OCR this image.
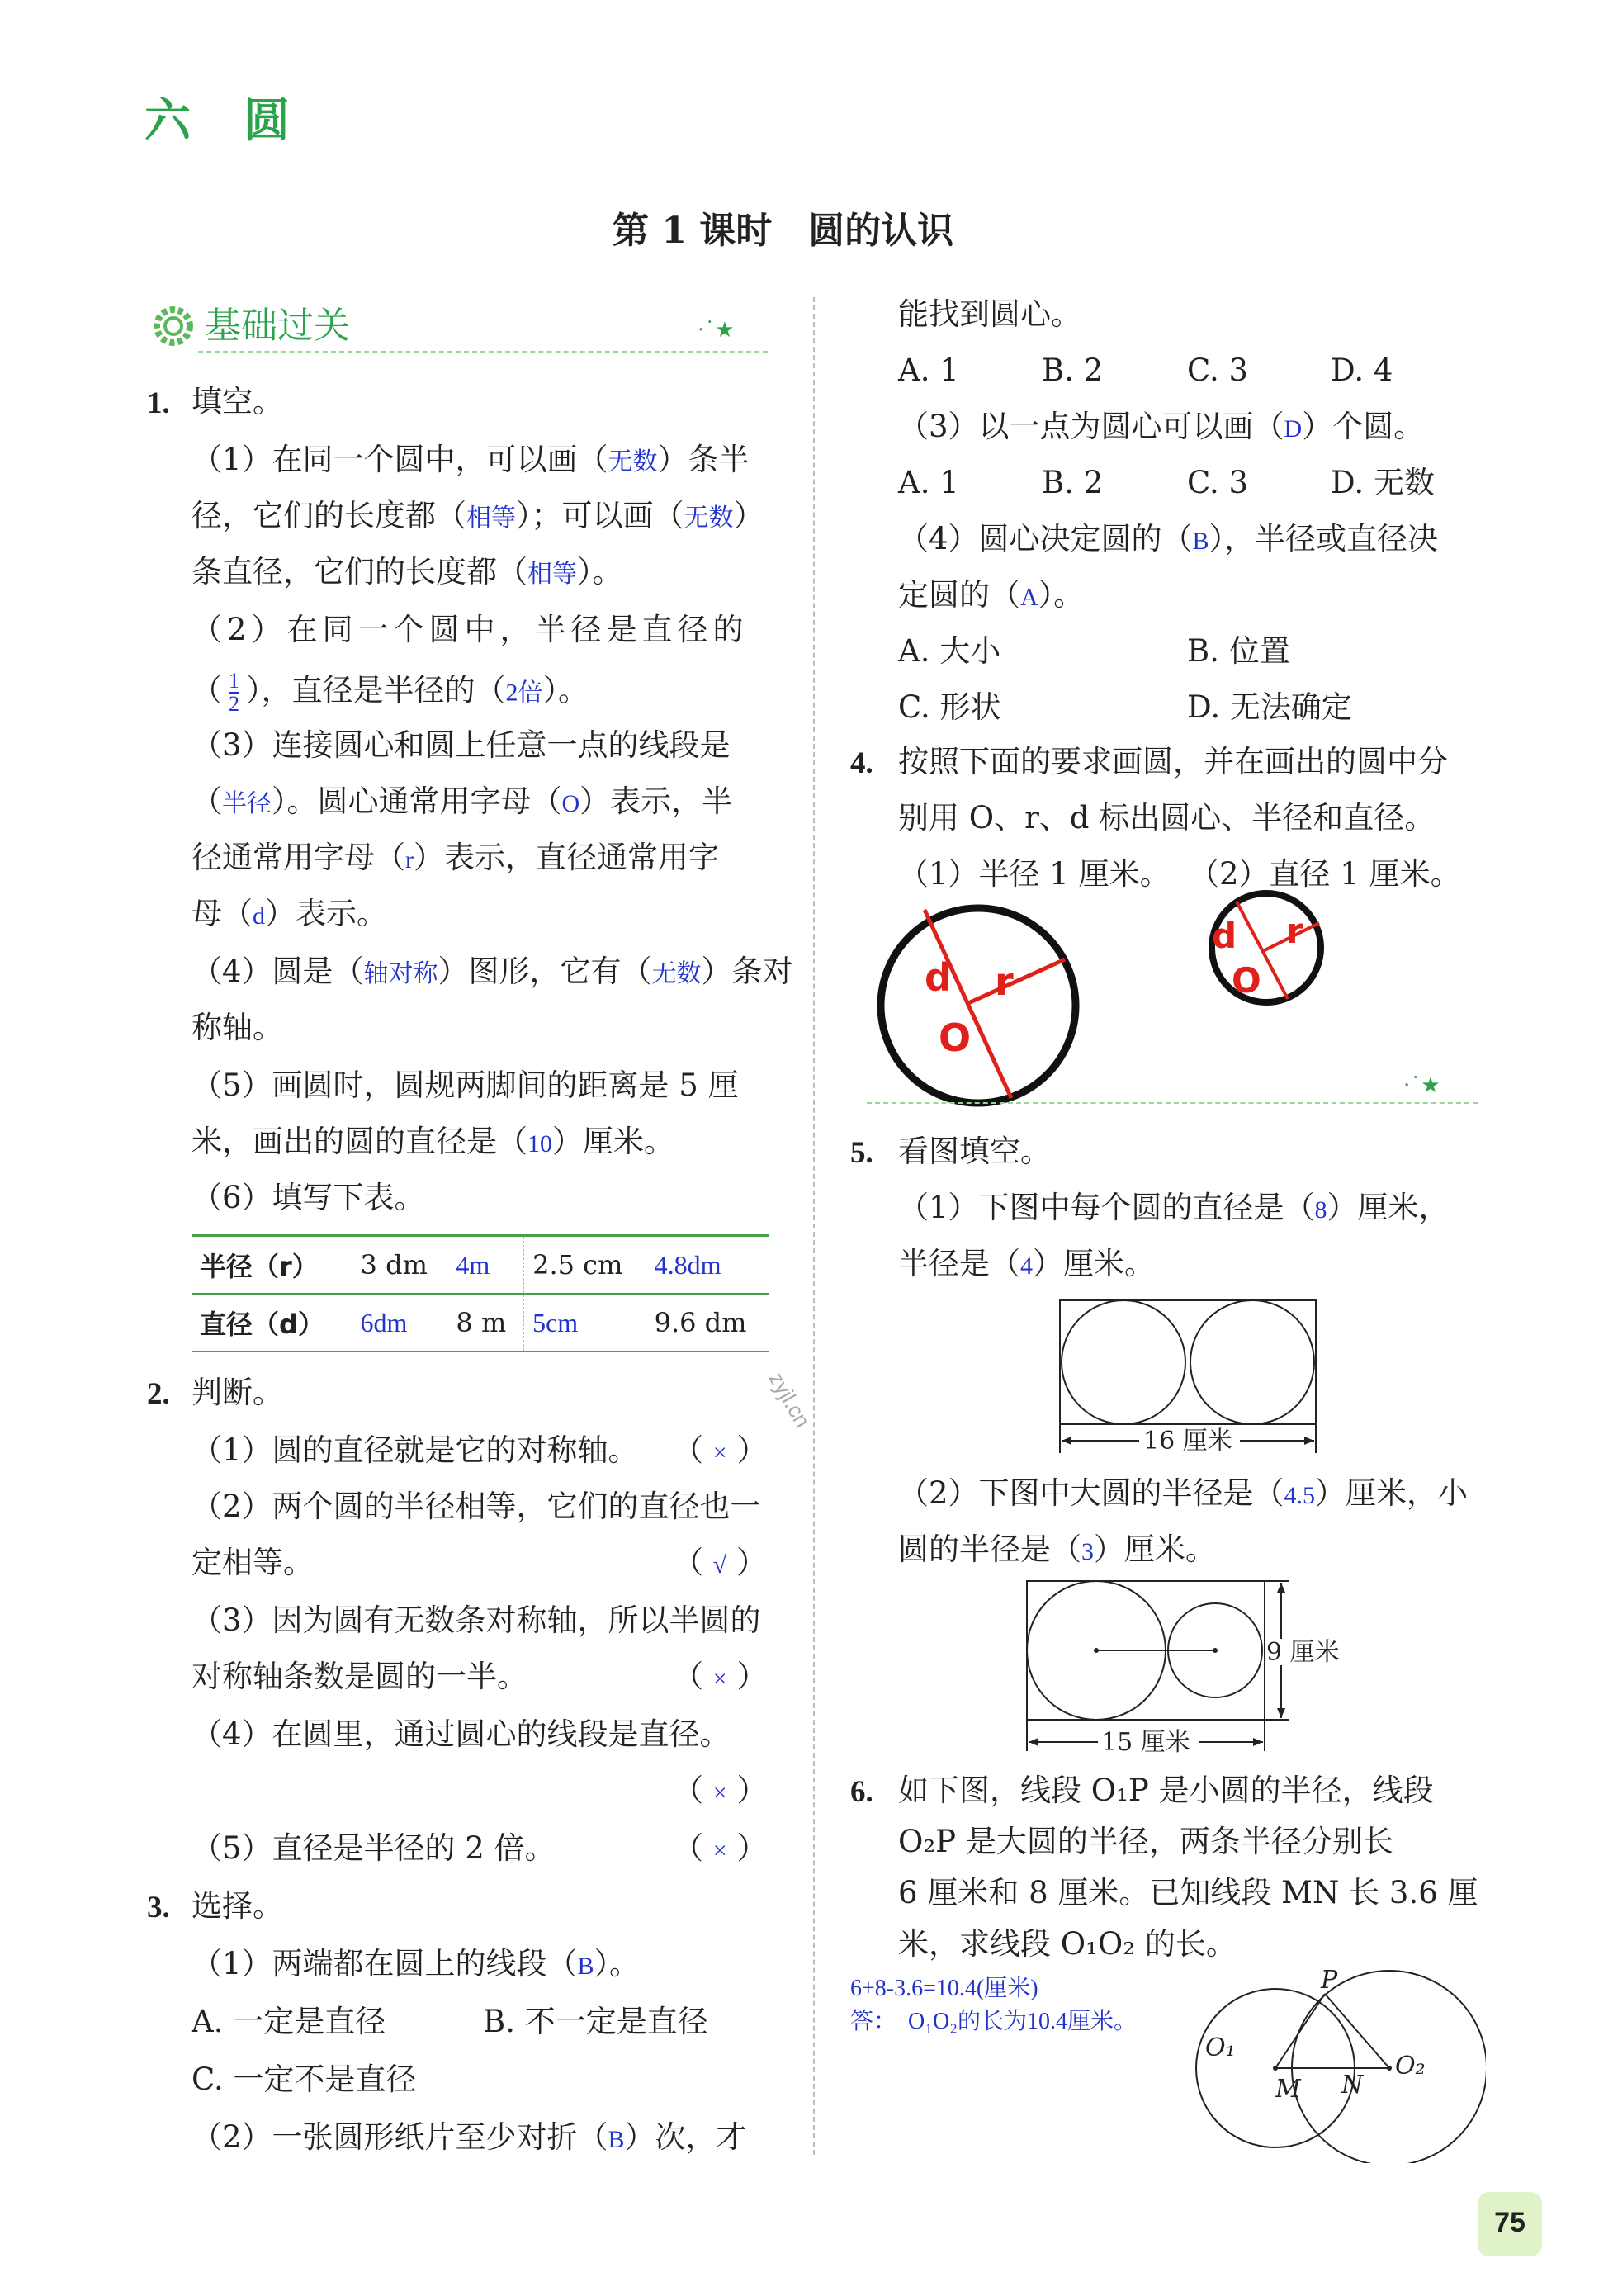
六　圆
第 1 课时　圆的认识
基础过关	·˙★
1. 填空。
（1）在同一个圆中，可以画（无数）条半
径，它们的长度都（相等）；可以画（无数）
条直径，它们的长度都（相等）。
（2）在同一个圆中，半径是直径的
（ $\frac{1}{2}$ ），直径是半径的（2倍）。
（3）连接圆心和圆上任意一点的线段是
（半径）。圆心通常用字母（O）表示，半
径通常用字母（r）表示，直径通常用字
母（d）表示。
（4）圆是（轴对称）图形，它有（无数）条对
称轴。
（5）画圆时，圆规两脚间的距离是 5 厘
米，画出的圆的直径是（10）厘米。
（6）填写下表。
半径（r）	3 dm	4m	2.5 cm	4.8dm
直径（d）	6dm	8 m	5cm	9.6 dm
2. 判断。
（1）圆的直径就是它的对称轴。 （ × ）
（2）两个圆的半径相等，它们的直径也一
定相等。	（ √ ）
（3）因为圆有无数条对称轴，所以半圆的
对称轴条数是圆的一半。	（ × ）
（4）在圆里，通过圆心的线段是直径。
（ × ）
（5）直径是半径的 2 倍。	（ × ）
3. 选择。
（1）两端都在圆上的线段（B）。
A. 一定是直径	B. 不一定是直径
C. 一定不是直径
（2）一张圆形纸片至少对折（B）次，才
能找到圆心。
A. 1	B. 2	C. 3	D. 4
（3）以一点为圆心可以画（D）个圆。
A. 1	B. 2	C. 3	D. 无数
（4）圆心决定圆的（B），半径或直径决
定圆的（A）。
A. 大小	B. 位置
C. 形状	D. 无法确定
4. 按照下面的要求画圆，并在画出的圆中分
别用 O、r、d 标出圆心、半径和直径。
（1）半径 1 厘米。 （2）直径 1 厘米。
d r
O
d r
O
·˙★
5. 看图填空。
（1）下图中每个圆的直径是（8）厘米，
半径是（4）厘米。
16 厘米
（2）下图中大圆的半径是（4.5）厘米，小
圆的半径是（3）厘米。
9 厘米
15 厘米
6. 如下图，线段 O₁P 是小圆的半径，线段
O₂P 是大圆的半径，两条半径分别长
6 厘米和 8 厘米。已知线段 MN 长 3.6 厘
米，求线段 O₁O₂ 的长。
6+8-3.6=10.4(厘米)
答：　O₁O₂的长为10.4厘米。
P
O₁
O₂
M N
zyjl.cn
75
